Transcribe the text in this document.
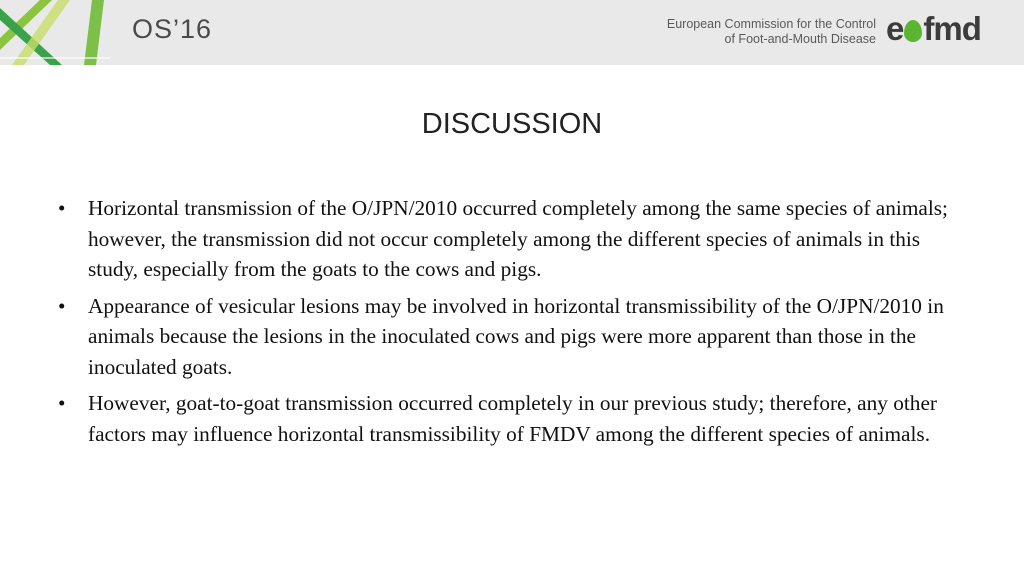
OS’16	European Commission for the Control
of Foot-and-Mouth Disease e fmd
DISCUSSION
• Horizontal transmission of the O/JPN/2010 occurred completely among the same species of animals; however, the transmission did not occur completely among the different species of animals in this study, especially from the goats to the cows and pigs.
• Appearance of vesicular lesions may be involved in horizontal transmissibility of the O/JPN/2010 in animals because the lesions in the inoculated cows and pigs were more apparent than those in the inoculated goats.
• However, goat-to-goat transmission occurred completely in our previous study; therefore, any other factors may influence horizontal transmissibility of FMDV among the different species of animals.
